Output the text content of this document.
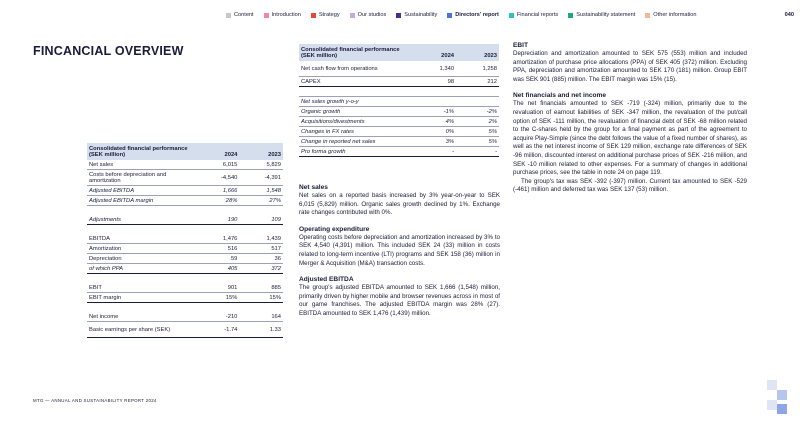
Content	Introduction	Strategy	Our studios	Sustainability	Directors' report	Financial reports	Sustainability statement	Other information	040
FINCANCIAL OVERVIEW
Consolidated financial performance (SEK million)	2024	2023
Net sales	6,015	5,829
Costs before depreciation and amortization	-4,540	-4,391
Adjusted EBITDA	1,666	1,548
Adjusted EBITDA margin	28%	27%

Adjustments	190	109

EBITDA	1,476	1,439
Amortization	516	517
Depreciation	59	36
of which PPA	405	372

EBIT	901	885
EBIT margin	15%	15%

Net income	-210	164
Basic earnings per share (SEK)	-1.74	1.33
Consolidated financial performance (SEK million)	2024	2023
Net cash flow from operations	1,340	1,258
CAPEX	98	212

Net sales growth y-o-y		
Organic growth	-1%	-2%
Acquisitions/divestments	4%	2%
Changes in FX rates	0%	5%
Change in reported net sales	3%	5%
Pro forma growth	-	-
Net sales

Net sales on a reported basis increased by 3% year-on-year to SEK 6,015 (5,829) million. Organic sales growth declined by 1%. Exchange rate changes contributed with 0%.

Operating expenditure

Operating costs before depreciation and amortization increased by 3% to SEK 4,540 (4,391) million. This included SEK 24 (33) million in costs related to long-term incentive (LTI) programs and SEK 158 (36) million in Merger & Acquisition (M&A) transaction costs.

Adjusted EBITDA

The group's adjusted EBITDA amounted to SEK 1,666 (1,548) million, primarily driven by higher mobile and browser revenues across in most of our game franchises. The adjusted EBITDA margin was 28% (27). EBITDA amounted to SEK 1,476 (1,439) million.

EBIT

Depreciation and amortization amounted to SEK 575 (553) million and included amortization of purchase price allocations (PPA) of SEK 405 (372) million. Excluding PPA, depreciation and amortization amounted to SEK 170 (181) million. Group EBIT was SEK 901 (885) million. The EBIT margin was 15% (15).

Net financials and net income

The net financials amounted to SEK -719 (-324) million, primarily due to the revaluation of earnout liabilities of SEK -347 million, the revaluation of the put/call option of SEK -111 million, the revaluation of financial debt of SEK -68 million related to the C-shares held by the group for a final payment as part of the agreement to acquire Play-Simple (since the debt follows the value of a fixed number of shares), as well as the net interest income of SEK 129 million, exchange rate differences of SEK -96 million, discounted interest on additional purchase prices of SEK -216 million, and SEK -10 million related to other expenses. For a summary of changes in additional purchase prices, see the table in note 24 on page 119.

The group's tax was SEK -392 (-397) million. Current tax amounted to SEK -529 (-461) million and deferred tax was SEK 137 (53) million.

MTG — ANNUAL AND SUSTAINABILITY REPORT 2024
